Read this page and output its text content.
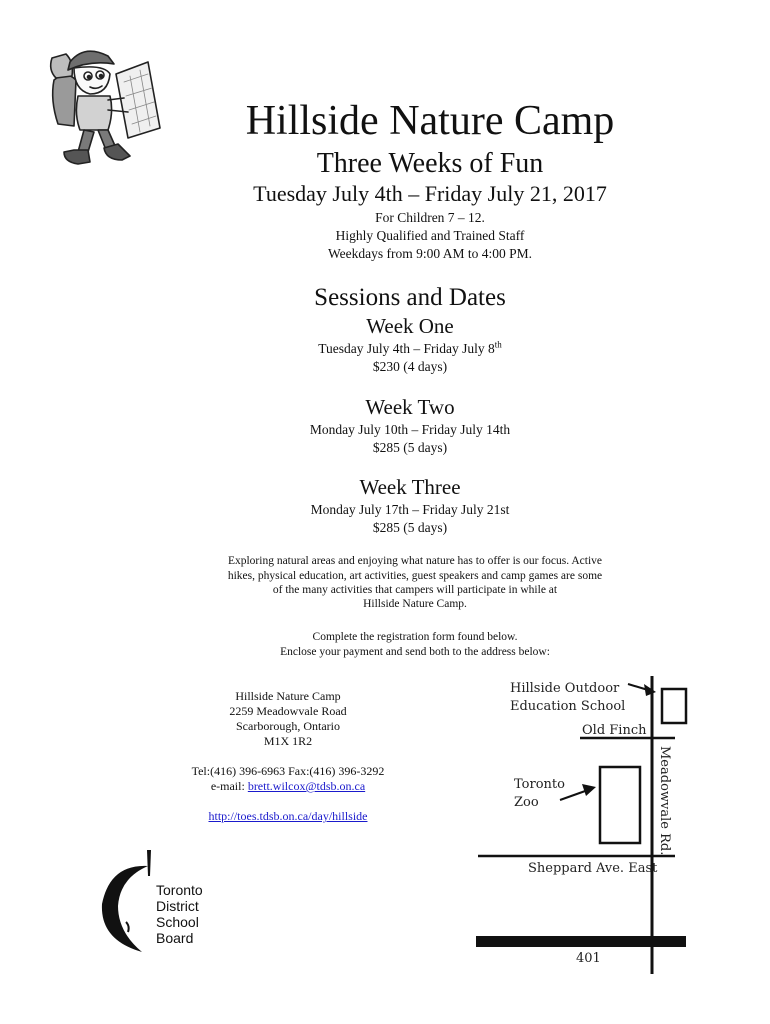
Hillside Nature Camp
Three Weeks of Fun
Tuesday July 4th – Friday July 21, 2017
For Children 7 – 12.
Highly Qualified and Trained Staff
Weekdays from 9:00 AM to 4:00 PM.
Sessions and Dates
Week One
Tuesday July 4th – Friday July 8th
$230 (4 days)
Week Two
Monday July 10th – Friday July 14th
$285 (5 days)
Week Three
Monday July 17th – Friday July 21st
$285 (5 days)
Exploring natural areas and enjoying what nature has to offer is our focus. Active
hikes, physical education, art activities, guest speakers and camp games are some
of the many activities that campers will participate in while at
Hillside Nature Camp.
Complete the registration form found below.
Enclose your payment and send both to the address below:
Hillside Nature Camp
2259 Meadowvale Road
Scarborough, Ontario
M1X 1R2
Tel:(416) 396-6963 Fax:(416) 396-3292
e-mail: brett.wilcox@tdsb.on.ca
http://toes.tdsb.on.ca/day/hillside
Toronto
District
School
Board
Hillside Outdoor
Education School
Old Finch
Toronto
Zoo	Meadowvale Rd.
Sheppard Ave. East
401
